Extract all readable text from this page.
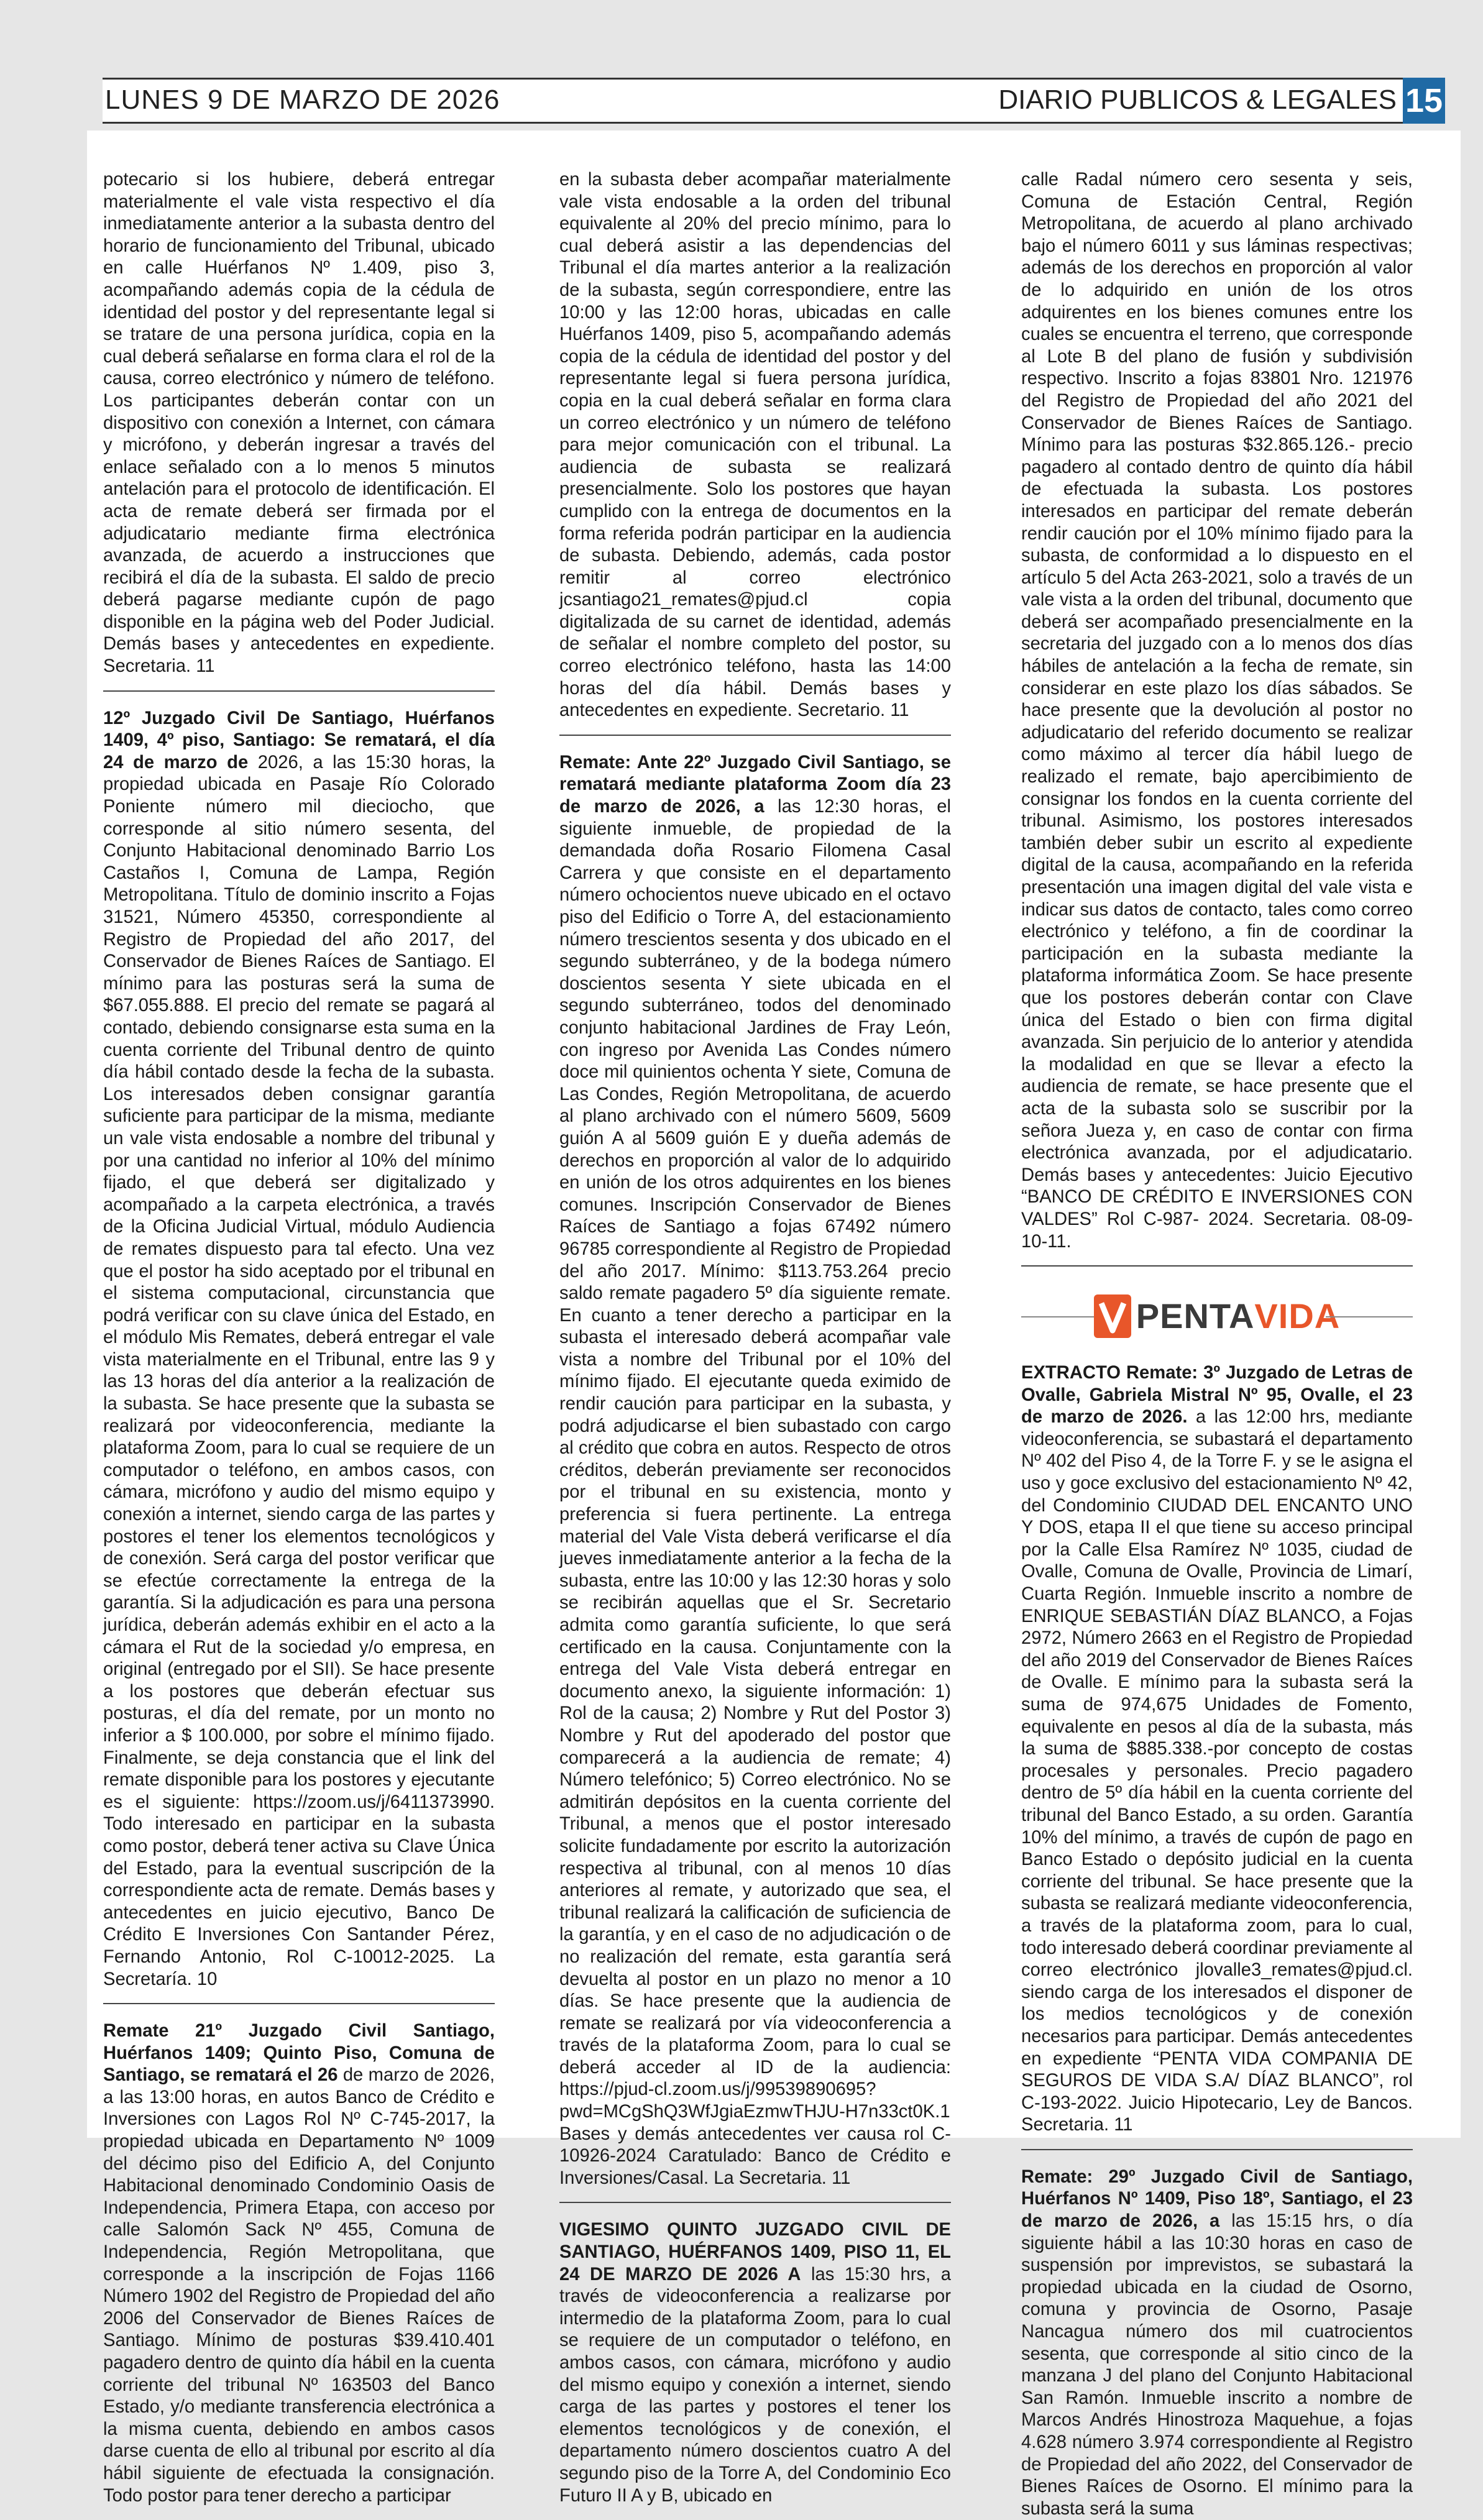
LUNES 9 DE MARZO DE 2026	DIARIO PUBLICOS & LEGALES 15

potecario si los hubiere, deberá entregar materialmente el vale vista respectivo el día inmediatamente anterior a la subasta dentro del horario de funcionamiento del Tribunal, ubicado en calle Huérfanos Nº 1.409, piso 3, acompañando además copia de la cédula de identidad del postor y del representante legal si se tratare de una persona jurídica, copia en la cual deberá señalarse en forma clara el rol de la causa, correo electrónico y número de teléfono. Los participantes deberán contar con un dispositivo con conexión a Internet, con cámara y micrófono, y deberán ingresar a través del enlace señalado con a lo menos 5 minutos antelación para el protocolo de identificación. El acta de remate deberá ser firmada por el adjudicatario mediante firma electrónica avanzada, de acuerdo a instrucciones que recibirá el día de la subasta. El saldo de precio deberá pagarse mediante cupón de pago disponible en la página web del Poder Judicial. Demás bases y antecedentes en expediente. Secretaria. 11

12º Juzgado Civil De Santiago, Huérfanos 1409, 4º piso, Santiago: Se rematará, el día 24 de marzo de 2026, a las 15:30 horas, la propiedad ubicada en Pasaje Río Colorado Poniente número mil dieciocho, que corresponde al sitio número sesenta, del Conjunto Habitacional denominado Barrio Los Castaños I, Comuna de Lampa, Región Metropolitana. Título de dominio inscrito a Fojas 31521, Número 45350, correspondiente al Registro de Propiedad del año 2017, del Conservador de Bienes Raíces de Santiago. El mínimo para las posturas será la suma de $67.055.888. El precio del remate se pagará al contado, debiendo consignarse esta suma en la cuenta corriente del Tribunal dentro de quinto día hábil contado desde la fecha de la subasta. Los interesados deben consignar garantía suficiente para participar de la misma, mediante un vale vista endosable a nombre del tribunal y por una cantidad no inferior al 10% del mínimo fijado, el que deberá ser digitalizado y acompañado a la carpeta electrónica, a través de la Oficina Judicial Virtual, módulo Audiencia de remates dispuesto para tal efecto. Una vez que el postor ha sido aceptado por el tribunal en el sistema computacional, circunstancia que podrá verificar con su clave única del Estado, en el módulo Mis Remates, deberá entregar el vale vista materialmente en el Tribunal, entre las 9 y las 13 horas del día anterior a la realización de la subasta. Se hace presente que la subasta se realizará por videoconferencia, mediante la plataforma Zoom, para lo cual se requiere de un computador o teléfono, en ambos casos, con cámara, micrófono y audio del mismo equipo y conexión a internet, siendo carga de las partes y postores el tener los elementos tecnológicos y de conexión. Será carga del postor verificar que se efectúe correctamente la entrega de la garantía. Si la adjudicación es para una persona jurídica, deberán además exhibir en el acto a la cámara el Rut de la sociedad y/o empresa, en original (entregado por el SII). Se hace presente a los postores que deberán efectuar sus posturas, el día del remate, por un monto no inferior a $ 100.000, por sobre el mínimo fijado. Finalmente, se deja constancia que el link del remate disponible para los postores y ejecutante es el siguiente: https://zoom.us/j/6411373990. Todo interesado en participar en la subasta como postor, deberá tener activa su Clave Única del Estado, para la eventual suscripción de la correspondiente acta de remate. Demás bases y antecedentes en juicio ejecutivo, Banco De Crédito E Inversiones Con Santander Pérez, Fernando Antonio, Rol C-10012-2025. La Secretaría. 10

Remate 21º Juzgado Civil Santiago, Huérfanos 1409; Quinto Piso, Comuna de Santiago, se rematará el 26 de marzo de 2026, a las 13:00 horas, en autos Banco de Crédito e Inversiones con Lagos Rol Nº C-745-2017, la propiedad ubicada en Departamento Nº 1009 del décimo piso del Edificio A, del Conjunto Habitacional denominado Condominio Oasis de Independencia, Primera Etapa, con acceso por calle Salomón Sack Nº 455, Comuna de Independencia, Región Metropolitana, que corresponde a la inscripción de Fojas 1166 Número 1902 del Registro de Propiedad del año 2006 del Conservador de Bienes Raíces de Santiago. Mínimo de posturas $39.410.401 pagadero dentro de quinto día hábil en la cuenta corriente del tribunal Nº 163503 del Banco Estado, y/o mediante transferencia electrónica a la misma cuenta, debiendo en ambos casos darse cuenta de ello al tribunal por escrito al día hábil siguiente de efectuada la consignación. Todo postor para tener derecho a participar

en la subasta deber acompañar materialmente vale vista endosable a la orden del tribunal equivalente al 20% del precio mínimo, para lo cual deberá asistir a las dependencias del Tribunal el día martes anterior a la realización de la subasta, según correspondiere, entre las 10:00 y las 12:00 horas, ubicadas en calle Huérfanos 1409, piso 5, acompañando además copia de la cédula de identidad del postor y del representante legal si fuera persona jurídica, copia en la cual deberá señalar en forma clara un correo electrónico y un número de teléfono para mejor comunicación con el tribunal. La audiencia de subasta se realizará presencialmente. Solo los postores que hayan cumplido con la entrega de documentos en la forma referida podrán participar en la audiencia de subasta. Debiendo, además, cada postor remitir al correo electrónico jcsantiago21_remates@pjud.cl copia digitalizada de su carnet de identidad, además de señalar el nombre completo del postor, su correo electrónico teléfono, hasta las 14:00 horas del día hábil. Demás bases y antecedentes en expediente. Secretario. 11

Remate: Ante 22º Juzgado Civil Santiago, se rematará mediante plataforma Zoom día 23 de marzo de 2026, a las 12:30 horas, el siguiente inmueble, de propiedad de la demandada doña Rosario Filomena Casal Carrera y que consiste en el departamento número ochocientos nueve ubicado en el octavo piso del Edificio o Torre A, del estacionamiento número trescientos sesenta y dos ubicado en el segundo subterráneo, y de la bodega número doscientos sesenta Y siete ubicada en el segundo subterráneo, todos del denominado conjunto habitacional Jardines de Fray León, con ingreso por Avenida Las Condes número doce mil quinientos ochenta Y siete, Comuna de Las Condes, Región Metropolitana, de acuerdo al plano archivado con el número 5609, 5609 guión A al 5609 guión E y dueña además de derechos en proporción al valor de lo adquirido en unión de los otros adquirentes en los bienes comunes. Inscripción Conservador de Bienes Raíces de Santiago a fojas 67492 número 96785 correspondiente al Registro de Propiedad del año 2017. Mínimo: $113.753.264 precio saldo remate pagadero 5º día siguiente remate. En cuanto a tener derecho a participar en la subasta el interesado deberá acompañar vale vista a nombre del Tribunal por el 10% del mínimo fijado. El ejecutante queda eximido de rendir caución para participar en la subasta, y podrá adjudicarse el bien subastado con cargo al crédito que cobra en autos. Respecto de otros créditos, deberán previamente ser reconocidos por el tribunal en su existencia, monto y preferencia si fuera pertinente. La entrega material del Vale Vista deberá verificarse el día jueves inmediatamente anterior a la fecha de la subasta, entre las 10:00 y las 12:30 horas y solo se recibirán aquellas que el Sr. Secretario admita como garantía suficiente, lo que será certificado en la causa. Conjuntamente con la entrega del Vale Vista deberá entregar en documento anexo, la siguiente información: 1) Rol de la causa; 2) Nombre y Rut del Postor 3) Nombre y Rut del apoderado del postor que comparecerá a la audiencia de remate; 4) Número telefónico; 5) Correo electrónico. No se admitirán depósitos en la cuenta corriente del Tribunal, a menos que el postor interesado solicite fundadamente por escrito la autorización respectiva al tribunal, con al menos 10 días anteriores al remate, y autorizado que sea, el tribunal realizará la calificación de suficiencia de la garantía, y en el caso de no adjudicación o de no realización del remate, esta garantía será devuelta al postor en un plazo no menor a 10 días. Se hace presente que la audiencia de remate se realizará por vía videoconferencia a través de la plataforma Zoom, para lo cual se deberá acceder al ID de la audiencia: https://pjud-cl.zoom.us/j/99539890695?pwd=MCgShQ3WfJgiaEzmwTHJU-H7n33ct0K.1 Bases y demás antecedentes ver causa rol C-10926-2024 Caratulado: Banco de Crédito e Inversiones/Casal. La Secretaria. 11

VIGESIMO QUINTO JUZGADO CIVIL DE SANTIAGO, HUÉRFANOS 1409, PISO 11, EL 24 DE MARZO DE 2026 A las 15:30 hrs, a través de videoconferencia a realizarse por intermedio de la plataforma Zoom, para lo cual se requiere de un computador o teléfono, en ambos casos, con cámara, micrófono y audio del mismo equipo y conexión a internet, siendo carga de las partes y postores el tener los elementos tecnológicos y de conexión, el departamento número doscientos cuatro A del segundo piso de la Torre A, del Condominio Eco Futuro II A y B, ubicado en

calle Radal número cero sesenta y seis, Comuna de Estación Central, Región Metropolitana, de acuerdo al plano archivado bajo el número 6011 y sus láminas respectivas; además de los derechos en proporción al valor de lo adquirido en unión de los otros adquirentes en los bienes comunes entre los cuales se encuentra el terreno, que corresponde al Lote B del plano de fusión y subdivisión respectivo. Inscrito a fojas 83801 Nro. 121976 del Registro de Propiedad del año 2021 del Conservador de Bienes Raíces de Santiago. Mínimo para las posturas $32.865.126.- precio pagadero al contado dentro de quinto día hábil de efectuada la subasta. Los postores interesados en participar del remate deberán rendir caución por el 10% mínimo fijado para la subasta, de conformidad a lo dispuesto en el artículo 5 del Acta 263-2021, solo a través de un vale vista a la orden del tribunal, documento que deberá ser acompañado presencialmente en la secretaria del juzgado con a lo menos dos días hábiles de antelación a la fecha de remate, sin considerar en este plazo los días sábados. Se hace presente que la devolución al postor no adjudicatario del referido documento se realizar como máximo al tercer día hábil luego de realizado el remate, bajo apercibimiento de consignar los fondos en la cuenta corriente del tribunal. Asimismo, los postores interesados también deber subir un escrito al expediente digital de la causa, acompañando en la referida presentación una imagen digital del vale vista e indicar sus datos de contacto, tales como correo electrónico y teléfono, a fin de coordinar la participación en la subasta mediante la plataforma informática Zoom. Se hace presente que los postores deberán contar con Clave única del Estado o bien con firma digital avanzada. Sin perjuicio de lo anterior y atendida la modalidad en que se llevar a efecto la audiencia de remate, se hace presente que el acta de la subasta solo se suscribir por la señora Jueza y, en caso de contar con firma electrónica avanzada, por el adjudicatario. Demás bases y antecedentes: Juicio Ejecutivo “BANCO DE CRÉDITO E INVERSIONES CON VALDES” Rol C-987- 2024. Secretaria. 08-09-10-11.

PENTA VIDA

EXTRACTO Remate: 3º Juzgado de Letras de Ovalle, Gabriela Mistral Nº 95, Ovalle, el 23 de marzo de 2026. a las 12:00 hrs, mediante videoconferencia, se subastará el departamento Nº 402 del Piso 4, de la Torre F. y se le asigna el uso y goce exclusivo del estacionamiento Nº 42, del Condominio CIUDAD DEL ENCANTO UNO Y DOS, etapa II el que tiene su acceso principal por la Calle Elsa Ramírez Nº 1035, ciudad de Ovalle, Comuna de Ovalle, Provincia de Limarí, Cuarta Región. Inmueble inscrito a nombre de ENRIQUE SEBASTIÁN DÍAZ BLANCO, a Fojas 2972, Número 2663 en el Registro de Propiedad del año 2019 del Conservador de Bienes Raíces de Ovalle. E mínimo para la subasta será la suma de 974,675 Unidades de Fomento, equivalente en pesos al día de la subasta, más la suma de $885.338.-por concepto de costas procesales y personales. Precio pagadero dentro de 5º día hábil en la cuenta corriente del tribunal del Banco Estado, a su orden. Garantía 10% del mínimo, a través de cupón de pago en Banco Estado o depósito judicial en la cuenta corriente del tribunal. Se hace presente que la subasta se realizará mediante videoconferencia, a través de la plataforma zoom, para lo cual, todo interesado deberá coordinar previamente al correo electrónico jlovalle3_remates@pjud.cl. siendo carga de los interesados el disponer de los medios tecnológicos y de conexión necesarios para participar. Demás antecedentes en expediente “PENTA VIDA COMPANIA DE SEGUROS DE VIDA S.A/ DÍAZ BLANCO”, rol C-193-2022. Juicio Hipotecario, Ley de Bancos. Secretaria. 11

Remate: 29º Juzgado Civil de Santiago, Huérfanos Nº 1409, Piso 18º, Santiago, el 23 de marzo de 2026, a las 15:15 hrs, o día siguiente hábil a las 10:30 horas en caso de suspensión por imprevistos, se subastará la propiedad ubicada en la ciudad de Osorno, comuna y provincia de Osorno, Pasaje Nancagua número dos mil cuatrocientos sesenta, que corresponde al sitio cinco de la manzana J del plano del Conjunto Habitacional San Ramón. Inmueble inscrito a nombre de Marcos Andrés Hinostroza Maquehue, a fojas 4.628 número 3.974 correspondiente al Registro de Propiedad del año 2022, del Conservador de Bienes Raíces de Osorno. El mínimo para la subasta será la suma
